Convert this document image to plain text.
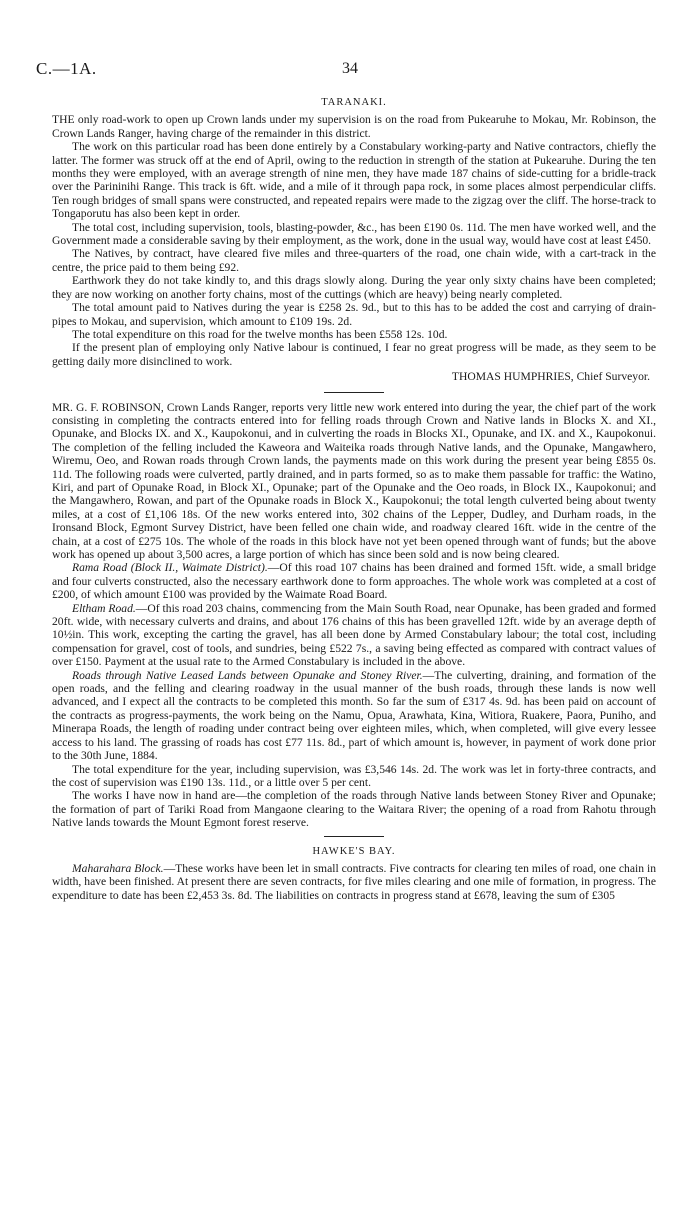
C.—1A.	34
TARANAKI.

THE only road-work to open up Crown lands under my supervision is on the road from Pukearuhe to Mokau, Mr. Robinson, the Crown Lands Ranger, having charge of the remainder in this district.

The work on this particular road has been done entirely by a Constabulary working-party and Native contractors, chiefly the latter. The former was struck off at the end of April, owing to the reduction in strength of the station at Pukearuhe. During the ten months they were employed, with an average strength of nine men, they have made 187 chains of side-cutting for a bridle-track over the Parininihi Range. This track is 6ft. wide, and a mile of it through papa rock, in some places almost perpendicular cliffs. Ten rough bridges of small spans were constructed, and repeated repairs were made to the zigzag over the cliff. The horse-track to Tongaporutu has also been kept in order.

The total cost, including supervision, tools, blasting-powder, &c., has been £190 0s. 11d. The men have worked well, and the Government made a considerable saving by their employment, as the work, done in the usual way, would have cost at least £450.

The Natives, by contract, have cleared five miles and three-quarters of the road, one chain wide, with a cart-track in the centre, the price paid to them being £92.

Earthwork they do not take kindly to, and this drags slowly along. During the year only sixty chains have been completed; they are now working on another forty chains, most of the cuttings (which are heavy) being nearly completed.

The total amount paid to Natives during the year is £258 2s. 9d., but to this has to be added the cost and carrying of drain-pipes to Mokau, and supervision, which amount to £109 19s. 2d.

The total expenditure on this road for the twelve months has been £558 12s. 10d.

If the present plan of employing only Native labour is continued, I fear no great progress will be made, as they seem to be getting daily more disinclined to work.

THOMAS HUMPHRIES, Chief Surveyor.

MR. G. F. ROBINSON, Crown Lands Ranger, reports very little new work entered into during the year, the chief part of the work consisting in completing the contracts entered into for felling roads through Crown and Native lands in Blocks X. and XI., Opunake, and Blocks IX. and X., Kaupokonui, and in culverting the roads in Blocks XI., Opunake, and IX. and X., Kaupokonui. The completion of the felling included the Kaweora and Waiteika roads through Native lands, and the Opunake, Mangawhero, Wiremu, Oeo, and Rowan roads through Crown lands, the payments made on this work during the present year being £855 0s. 11d. The following roads were culverted, partly drained, and in parts formed, so as to make them passable for traffic: the Watino, Kiri, and part of Opunake Road, in Block XI., Opunake; part of the Opunake and the Oeo roads, in Block IX., Kaupokonui; and the Mangawhero, Rowan, and part of the Opunake roads in Block X., Kaupokonui; the total length culverted being about twenty miles, at a cost of £1,106 18s. Of the new works entered into, 302 chains of the Lepper, Dudley, and Durham roads, in the Ironsand Block, Egmont Survey District, have been felled one chain wide, and roadway cleared 16ft. wide in the centre of the chain, at a cost of £275 10s. The whole of the roads in this block have not yet been opened through want of funds; but the above work has opened up about 3,500 acres, a large portion of which has since been sold and is now being cleared.

Rama Road (Block II., Waimate District).—Of this road 107 chains has been drained and formed 15ft. wide, a small bridge and four culverts constructed, also the necessary earthwork done to form approaches. The whole work was completed at a cost of £200, of which amount £100 was provided by the Waimate Road Board.

Eltham Road.—Of this road 203 chains, commencing from the Main South Road, near Opunake, has been graded and formed 20ft. wide, with necessary culverts and drains, and about 176 chains of this has been gravelled 12ft. wide by an average depth of 10½in. This work, excepting the carting the gravel, has all been done by Armed Constabulary labour; the total cost, including compensation for gravel, cost of tools, and sundries, being £522 7s., a saving being effected as compared with contract values of over £150. Payment at the usual rate to the Armed Constabulary is included in the above.

Roads through Native Leased Lands between Opunake and Stoney River.—The culverting, draining, and formation of the open roads, and the felling and clearing roadway in the usual manner of the bush roads, through these lands is now well advanced, and I expect all the contracts to be completed this month. So far the sum of £317 4s. 9d. has been paid on account of the contracts as progress-payments, the work being on the Namu, Opua, Arawhata, Kina, Witiora, Ruakere, Paora, Puniho, and Minerapa Roads, the length of roading under contract being over eighteen miles, which, when completed, will give every lessee access to his land. The grassing of roads has cost £77 11s. 8d., part of which amount is, however, in payment of work done prior to the 30th June, 1884.

The total expenditure for the year, including supervision, was £3,546 14s. 2d. The work was let in forty-three contracts, and the cost of supervision was £190 13s. 11d., or a little over 5 per cent.

The works I have now in hand are—the completion of the roads through Native lands between Stoney River and Opunake; the formation of part of Tariki Road from Mangaone clearing to the Waitara River; the opening of a road from Rahotu through Native lands towards the Mount Egmont forest reserve.

HAWKE'S BAY.

Maharahara Block.—These works have been let in small contracts. Five contracts for clearing ten miles of road, one chain in width, have been finished. At present there are seven contracts, for five miles clearing and one mile of formation, in progress. The expenditure to date has been £2,453 3s. 8d. The liabilities on contracts in progress stand at £678, leaving the sum of £305
